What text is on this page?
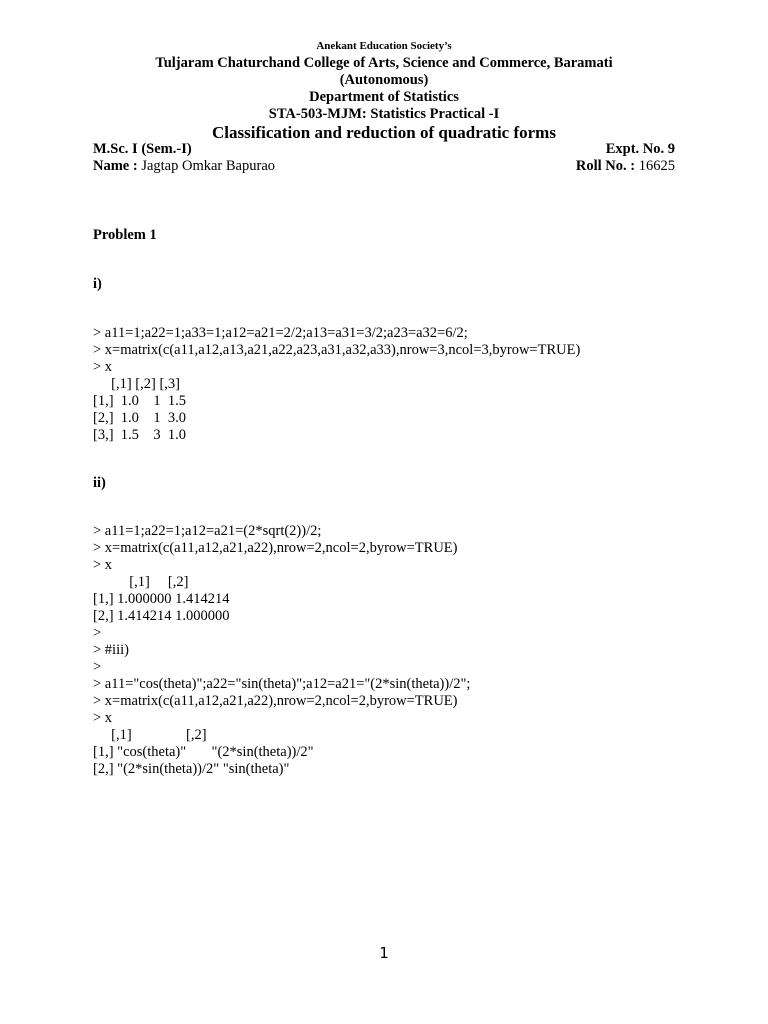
Anekant Education Society’s
Tuljaram Chaturchand College of Arts, Science and Commerce, Baramati
(Autonomous)
Department of Statistics
STA-503-MJM: Statistics Practical -I
Classification and reduction of quadratic forms
M.Sc. I (Sem.-I)	Expt. No. 9
Name : Jagtap Omkar Bapurao	Roll No. : 16625
Problem 1
i)
> a11=1;a22=1;a33=1;a12=a21=2/2;a13=a31=3/2;a23=a32=6/2;
> x=matrix(c(a11,a12,a13,a21,a22,a23,a31,a32,a33),nrow=3,ncol=3,byrow=TRUE)
> x
[,1] [,2] [,3]
[1,]  1.0    1  1.5
[2,]  1.0    1  3.0
[3,]  1.5    3  1.0
ii)
> a11=1;a22=1;a12=a21=(2*sqrt(2))/2;
> x=matrix(c(a11,a12,a21,a22),nrow=2,ncol=2,byrow=TRUE)
> x
[,1]     [,2]
[1,] 1.000000 1.414214
[2,] 1.414214 1.000000
>
> #iii)
>
> a11="cos(theta)";a22="sin(theta)";a12=a21="(2*sin(theta))/2";
> x=matrix(c(a11,a12,a21,a22),nrow=2,ncol=2,byrow=TRUE)
> x
[,1]               [,2]
[1,] "cos(theta)"       "(2*sin(theta))/2"
[2,] "(2*sin(theta))/2" "sin(theta)"
1
